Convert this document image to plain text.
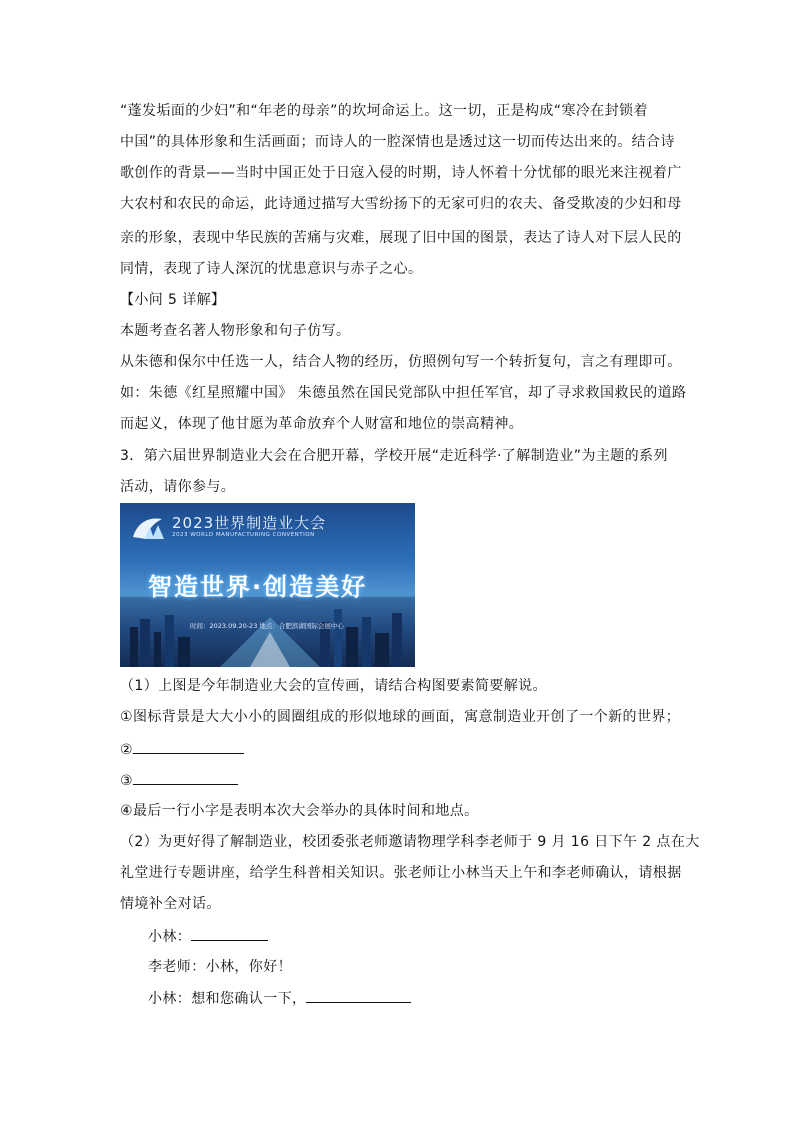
“蓬发垢面的少妇”和“年老的母亲”的坎坷命运上。这一切，正是构成“寒冷在封锁着
中国”的具体形象和生活画面；而诗人的一腔深情也是透过这一切而传达出来的。结合诗
歌创作的背景——当时中国正处于日寇入侵的时期，诗人怀着十分忧郁的眼光来注视着广
大农村和农民的命运，此诗通过描写大雪纷扬下的无家可归的农夫、备受欺凌的少妇和母
亲的形象，表现中华民族的苦痛与灾难，展现了旧中国的图景，表达了诗人对下层人民的
同情，表现了诗人深沉的忧患意识与赤子之心。
【小问 5 详解】
本题考查名著人物形象和句子仿写。
从朱德和保尔中任选一人，结合人物的经历，仿照例句写一个转折复句，言之有理即可。
如：朱德《红星照耀中国》 朱德虽然在国民党部队中担任军官，却了寻求救国救民的道路
而起义，体现了他甘愿为革命放弃个人财富和地位的崇高精神。
3．第六届世界制造业大会在合肥开幕，学校开展“走近科学·了解制造业”为主题的系列
活动，请你参与。
2023世界制造业大会
2023 WORLD MANUFACTURING CONVENTION
智造世界·创造美好
时间：2023.09.20-23 地点：合肥滨湖国际会展中心
（1）上图是今年制造业大会的宣传画，请结合构图要素简要解说。
①图标背景是大大小小的圆圈组成的形似地球的画面，寓意制造业开创了一个新的世界；
②
③
④最后一行小字是表明本次大会举办的具体时间和地点。
（2）为更好得了解制造业，校团委张老师邀请物理学科李老师于 9 月 16 日下午 2 点在大
礼堂进行专题讲座，给学生科普相关知识。张老师让小林当天上午和李老师确认，请根据
情境补全对话。
小林：
李老师：小林，你好！
小林：想和您确认一下，
